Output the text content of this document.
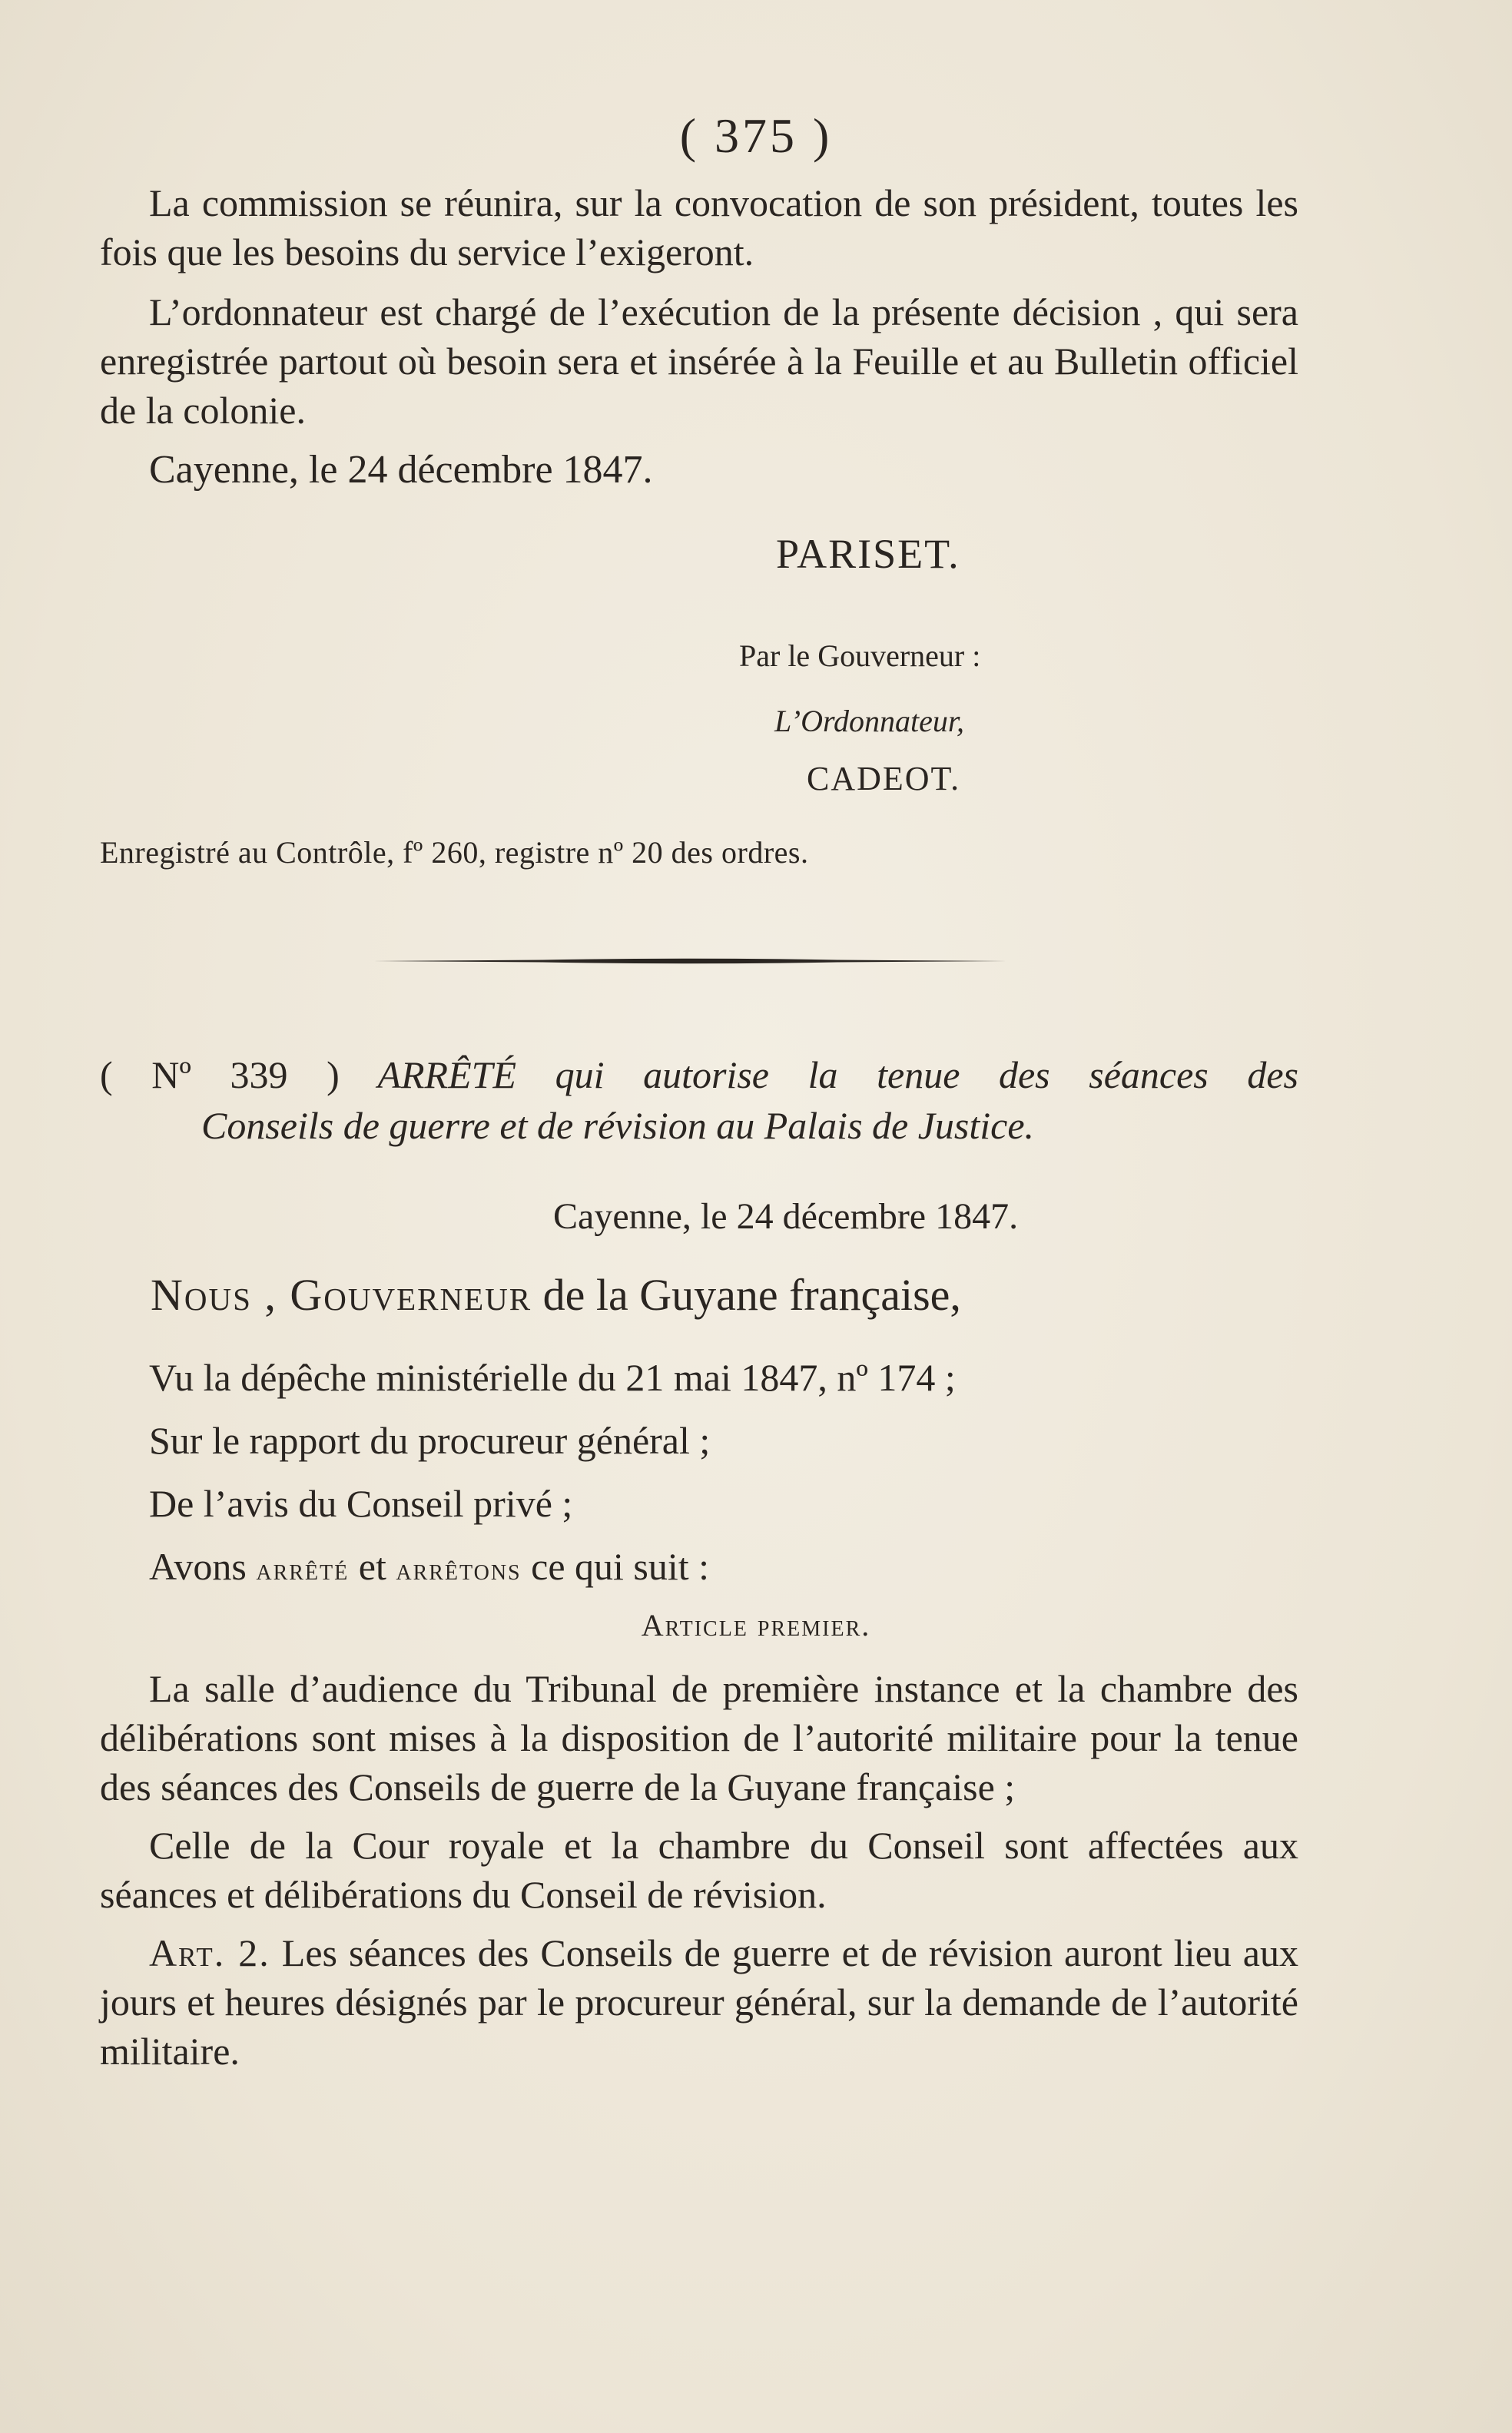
( 375 )

La commission se réunira, sur la convocation de son président, toutes les fois que les besoins du service l’exigeront.

L’ordonnateur est chargé de l’exécution de la présente décision , qui sera enregistrée partout où besoin sera et insérée à la Feuille et au Bulletin officiel de la colonie.

Cayenne, le 24 décembre 1847.

PARISET.
Par le Gouverneur :
L’Ordonnateur,
CADEOT.
Enregistré au Contrôle, fº 260, registre nº 20 des ordres.
( Nº 339 ) ARRÊTÉ qui autorise la tenue des séances des
Conseils de guerre et de révision au Palais de Justice.
Cayenne, le 24 décembre 1847.
Nous , Gouverneur de la Guyane française,
Vu la dépêche ministérielle du 21 mai 1847, nº 174 ;
Sur le rapport du procureur général ;
De l’avis du Conseil privé ;
Avons arrêté et arrêtons ce qui suit :
Article premier.

La salle d’audience du Tribunal de première instance et la chambre des délibérations sont mises à la disposition de l’autorité militaire pour la tenue des séances des Conseils de guerre de la Guyane française ;

Celle de la Cour royale et la chambre du Conseil sont affectées aux séances et délibérations du Conseil de révision.

Art. 2. Les séances des Conseils de guerre et de révision auront lieu aux jours et heures désignés par le procureur général, sur la demande de l’autorité militaire.
